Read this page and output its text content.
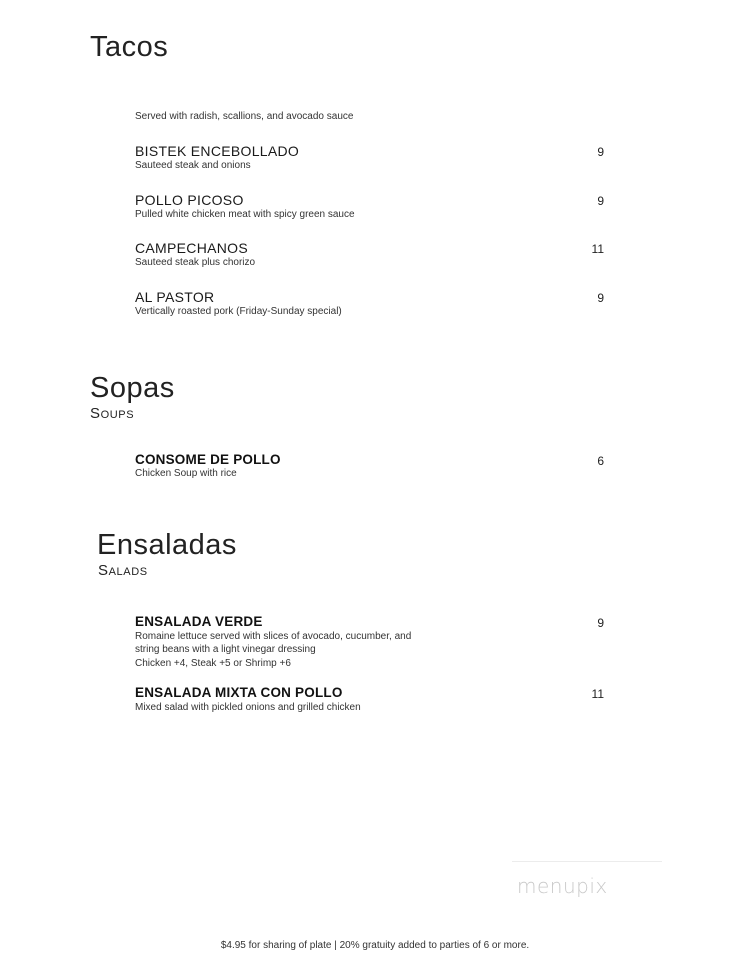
Tacos
Served with radish, scallions, and avocado sauce
BISTEK ENCEBOLLADO
Sauteed steak and onions
9
POLLO PICOSO
Pulled white chicken meat with spicy green sauce
9
CAMPECHANOS
Sauteed steak plus chorizo
11
AL PASTOR
Vertically roasted pork (Friday-Sunday special)
9
Sopas
Soups
CONSOME DE POLLO
Chicken Soup with rice
6
Ensaladas
Salads
ENSALADA VERDE
Romaine lettuce served with slices of avocado, cucumber, and
string beans with a light vinegar dressing
Chicken +4, Steak +5 or Shrimp +6
9
ENSALADA MIXTA CON POLLO
Mixed salad with pickled onions and grilled chicken
11
menupix
$4.95 for sharing of plate | 20% gratuity added to parties of 6 or more.
